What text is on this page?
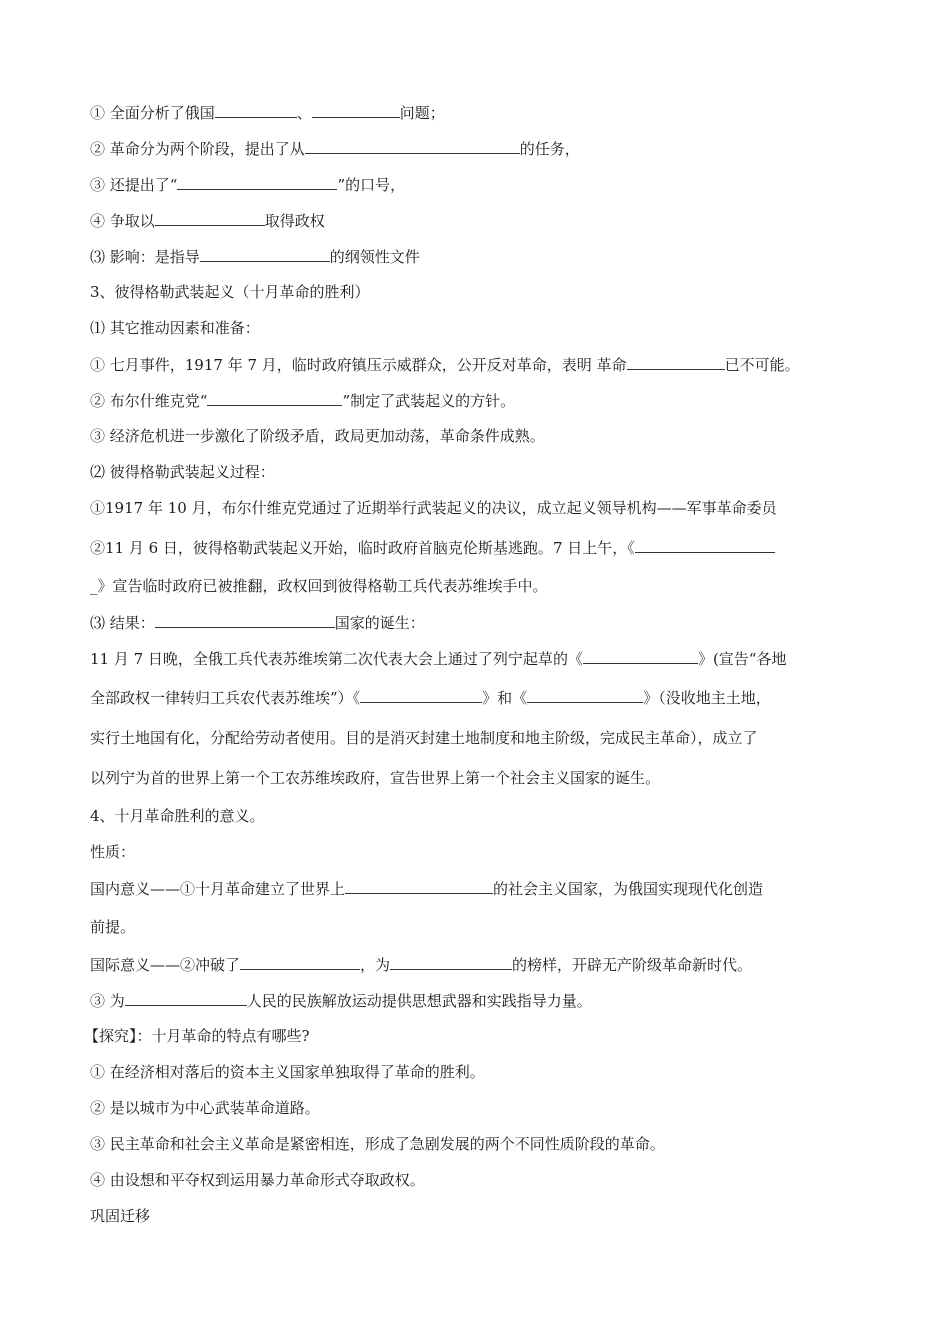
① 全面分析了俄国	、	问题；
② 革命分为两个阶段，提出了从	的任务，
③ 还提出了“	”的口号，
④ 争取以	取得政权
⑶ 影响：是指导	的纲领性文件
3、彼得格勒武装起义（十月革命的胜利）
⑴ 其它推动因素和准备：
① 七月事件，1917 年 7 月，临时政府镇压示威群众，公开反对革命，表明 革命	已不可能。
② 布尔什维克党“	”制定了武装起义的方针。
③ 经济危机进一步激化了阶级矛盾，政局更加动荡，革命条件成熟。
⑵ 彼得格勒武装起义过程：
①1917 年 10 月，布尔什维克党通过了近期举行武装起义的决议，成立起义领导机构——军事革命委员
②11 月 6 日，彼得格勒武装起义开始，临时政府首脑克伦斯基逃跑。7 日上午，《
_》宣告临时政府已被推翻，政权回到彼得格勒工兵代表苏维埃手中。
⑶ 结果：	国家的诞生：
11 月 7 日晚，全俄工兵代表苏维埃第二次代表大会上通过了列宁起草的《	》(宣告“各地
全部政权一律转归工兵农代表苏维埃”）《	》和《	》（没收地主土地，
实行土地国有化，分配给劳动者使用。目的是消灭封建土地制度和地主阶级，完成民主革命），成立了
以列宁为首的世界上第一个工农苏维埃政府，宣告世界上第一个社会主义国家的诞生。
4、十月革命胜利的意义。
性质：
国内意义——①十月革命建立了世界上	的社会主义国家，为俄国实现现代化创造
前提。
国际意义——②冲破了	，为	的榜样，开辟无产阶级革命新时代。
③ 为	人民的民族解放运动提供思想武器和实践指导力量。
【探究】：十月革命的特点有哪些?
① 在经济相对落后的资本主义国家单独取得了革命的胜利。
② 是以城市为中心武装革命道路。
③ 民主革命和社会主义革命是紧密相连，形成了急剧发展的两个不同性质阶段的革命。
④ 由设想和平夺权到运用暴力革命形式夺取政权。
巩固迁移
